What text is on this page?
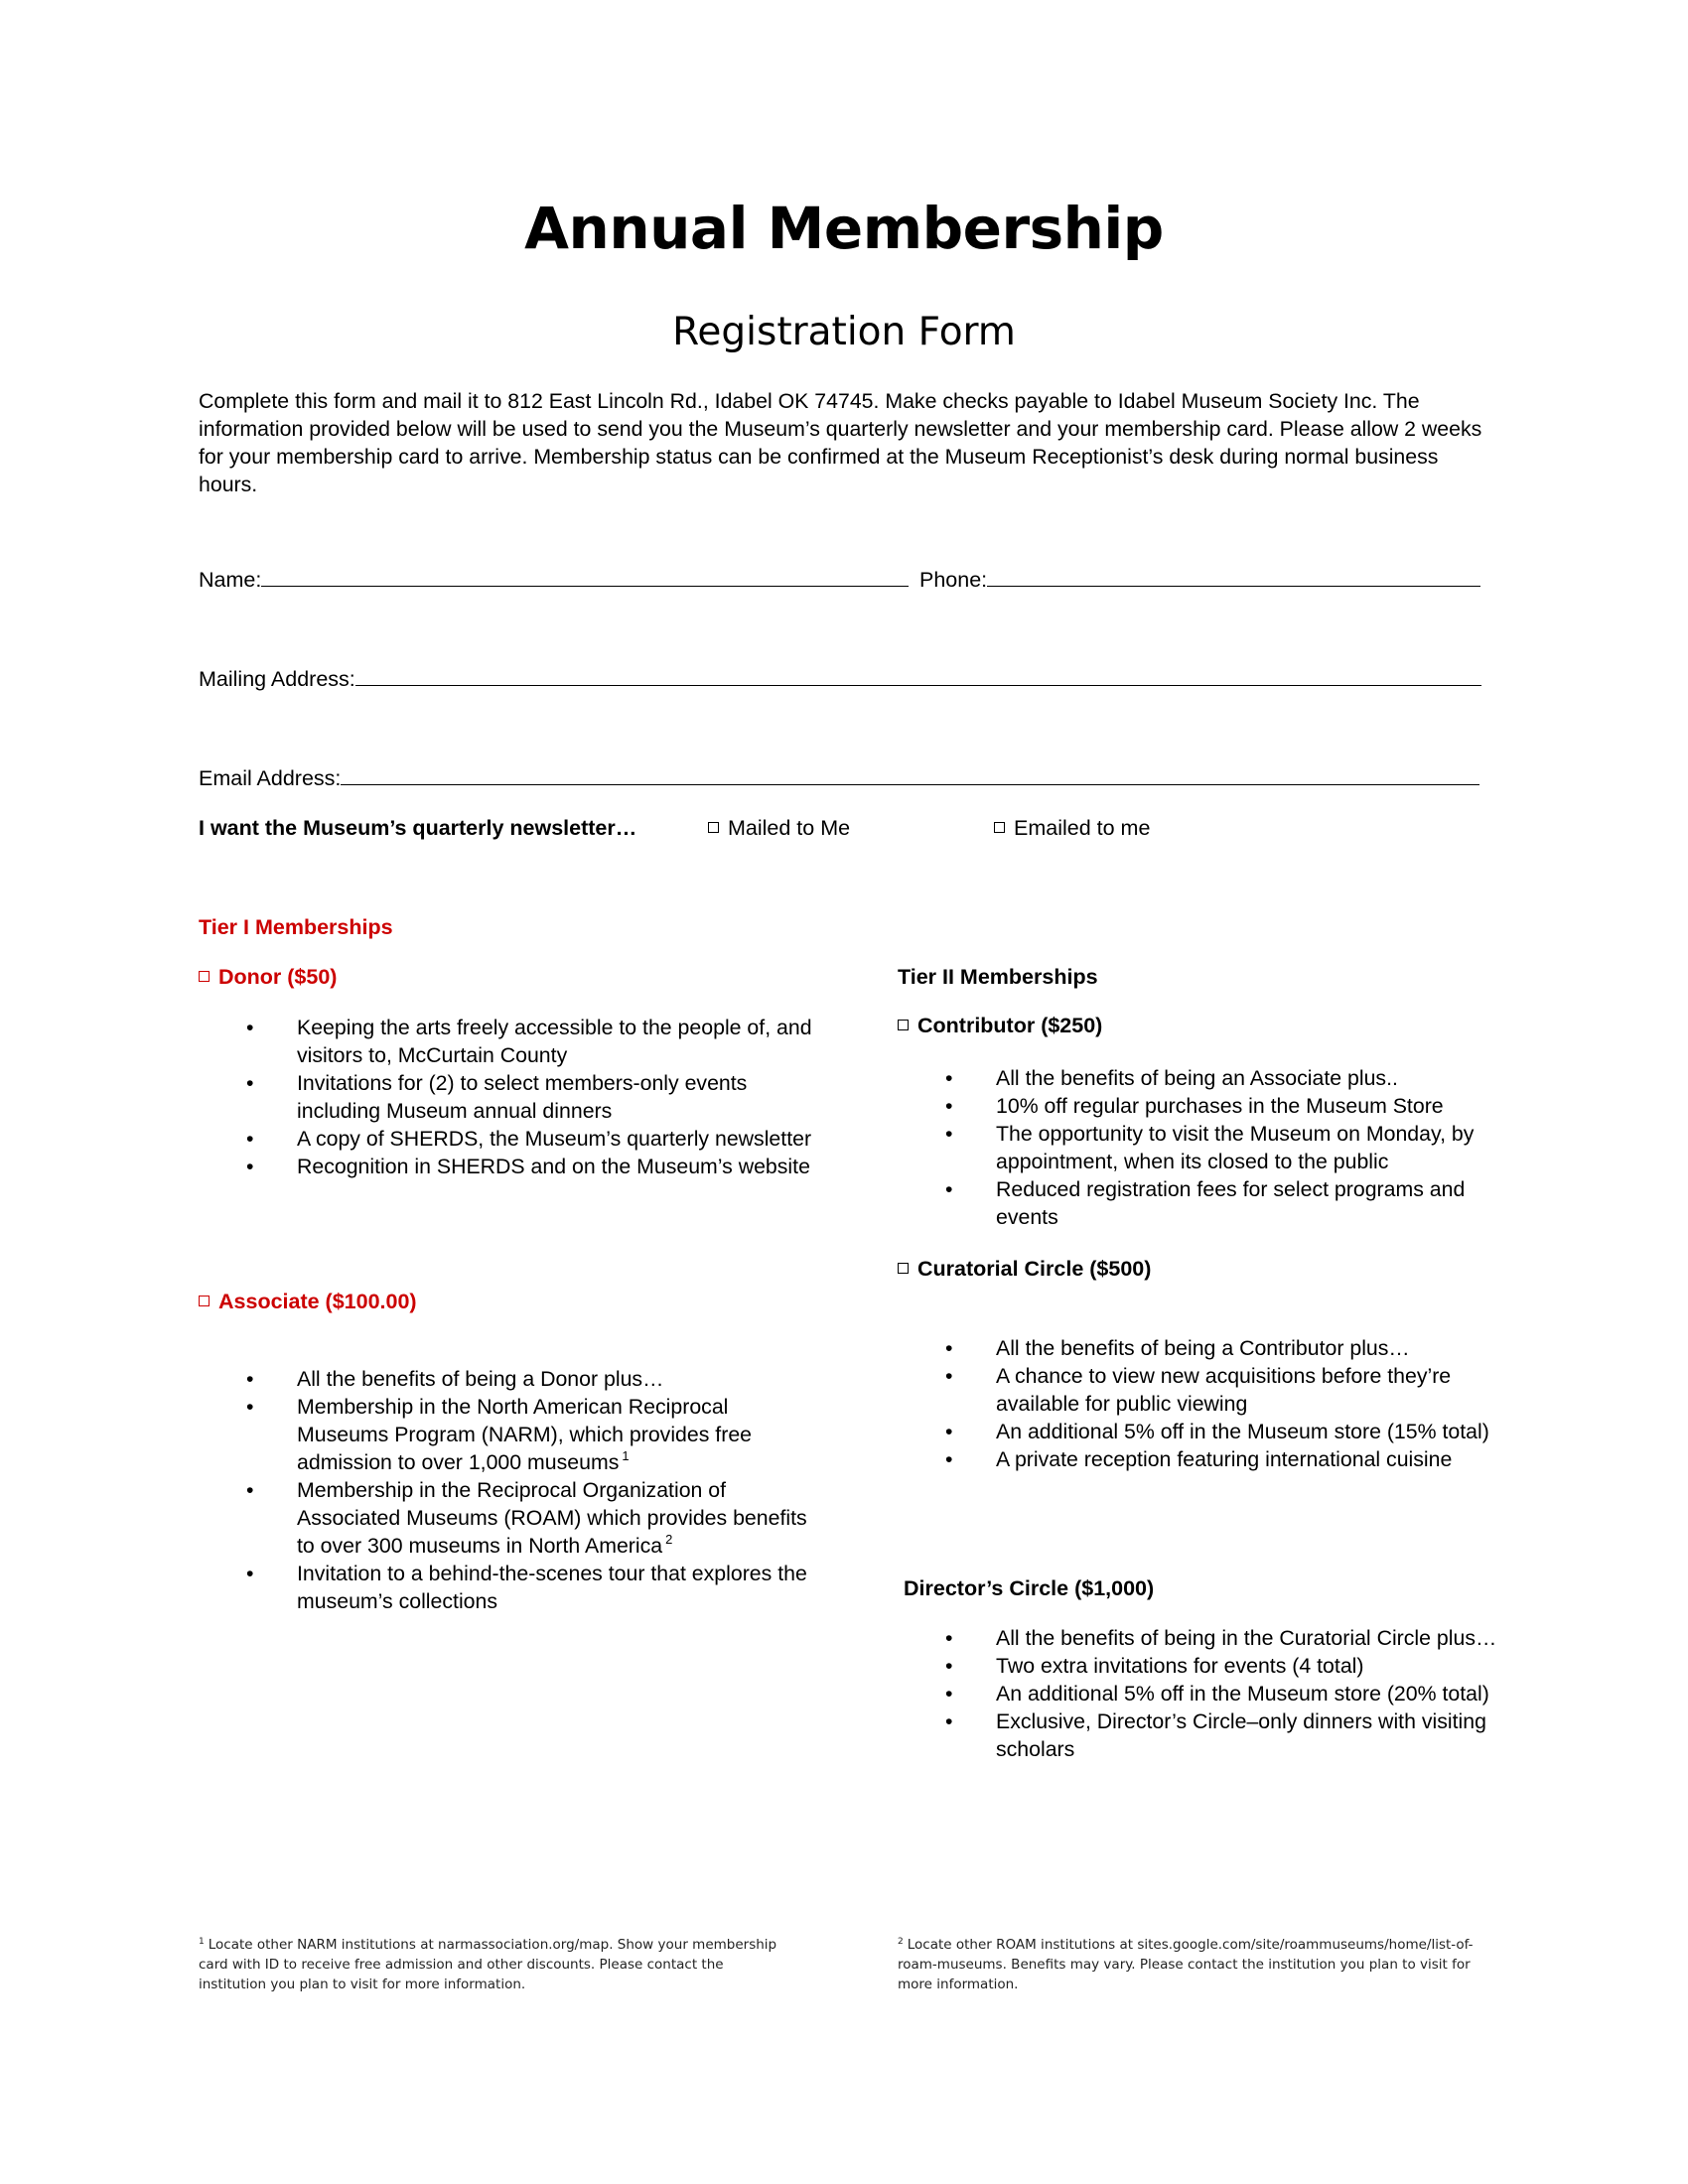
Annual Membership
Registration Form
Complete this form and mail it to 812 East Lincoln Rd., Idabel OK 74745. Make checks payable to Idabel Museum Society Inc. The information provided below will be used to send you the Museum’s quarterly newsletter and your membership card. Please allow 2 weeks for your membership card to arrive. Membership status can be confirmed at the Museum Receptionist’s desk during normal business hours.
Name:	Phone:
Mailing Address:
Email Address:
I want the Museum’s quarterly newsletter…	Mailed to Me	Emailed to me
Tier I Memberships
Donor ($50)
• Keeping the arts freely accessible to the people of, and visitors to, McCurtain County
• Invitations for (2) to select members-only events including Museum annual dinners
• A copy of SHERDS, the Museum’s quarterly newsletter
• Recognition in SHERDS and on the Museum’s website
Associate ($100.00)
• All the benefits of being a Donor plus…
• Membership in the North American Reciprocal Museums Program (NARM), which provides free admission to over 1,000 museums $^1$
• Membership in the Reciprocal Organization of Associated Museums (ROAM) which provides benefits to over 300 museums in North America $^2$
• Invitation to a behind-the-scenes tour that explores the museum’s collections
Tier II Memberships
Contributor ($250)
• All the benefits of being an Associate plus..
• 10% off regular purchases in the Museum Store
• The opportunity to visit the Museum on Monday, by appointment, when its closed to the public
• Reduced registration fees for select programs and events
Curatorial Circle ($500)
• All the benefits of being a Contributor plus…
• A chance to view new acquisitions before they’re available for public viewing
• An additional 5% off in the Museum store (15% total)
• A private reception featuring international cuisine
Director’s Circle ($1,000)
• All the benefits of being in the Curatorial Circle plus…
• Two extra invitations for events (4 total)
• An additional 5% off in the Museum store (20% total)
• Exclusive, Director’s Circle–only dinners with visiting scholars
$^1$ Locate other NARM institutions at narmassociation.org/map. Show your membership card with ID to receive free admission and other discounts. Please contact the institution you plan to visit for more information.
$^2$ Locate other ROAM institutions at sites.google.com/site/roammuseums/home/list-of-roam-museums. Benefits may vary. Please contact the institution you plan to visit for more information.
